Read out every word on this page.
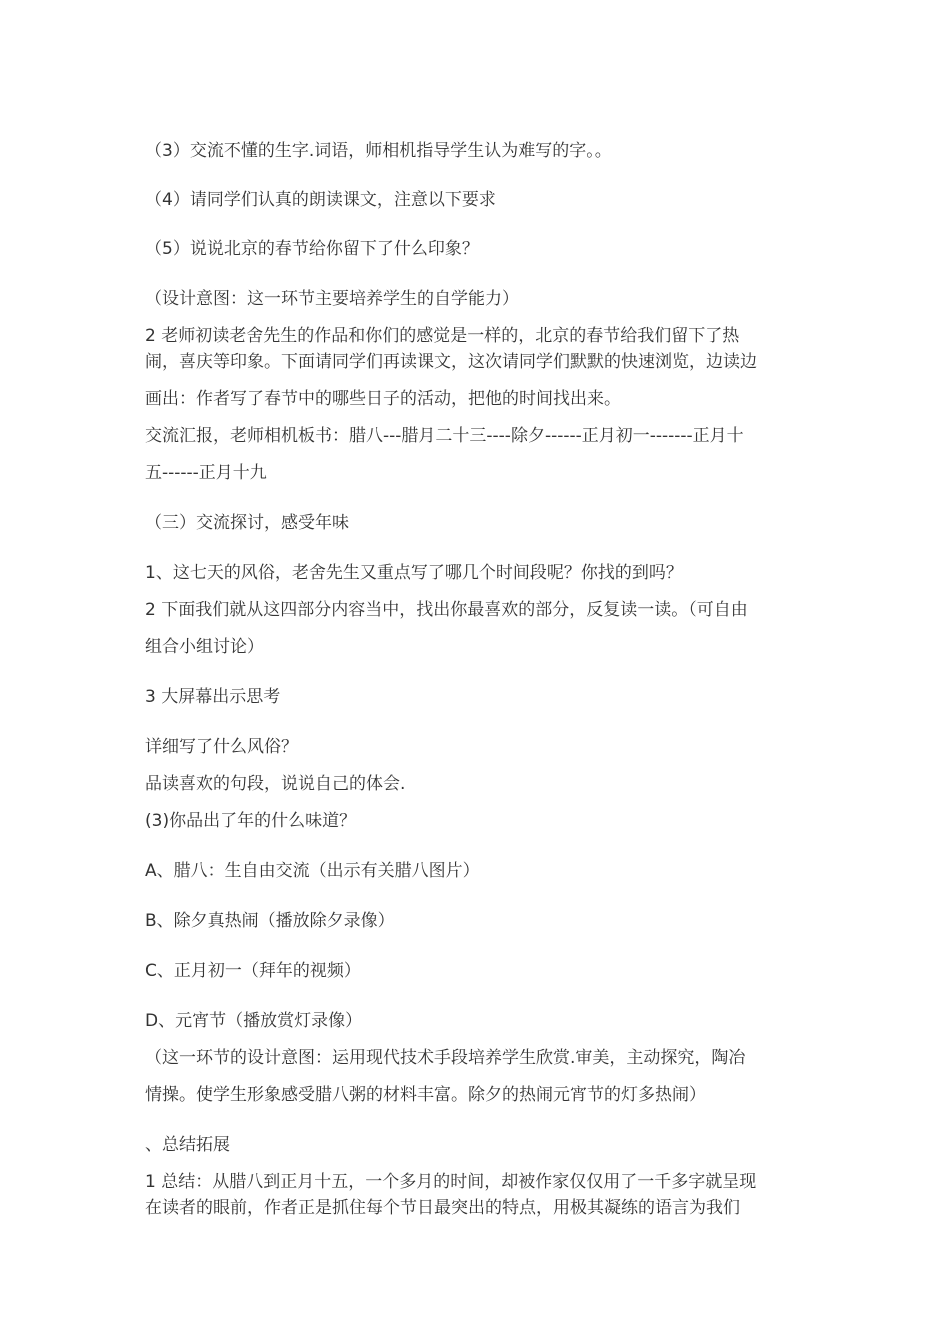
（3）交流不懂的生字.词语，师相机指导学生认为难写的字。。
（4）请同学们认真的朗读课文，注意以下要求
（5）说说北京的春节给你留下了什么印象？
（设计意图：这一环节主要培养学生的自学能力）
2 老师初读老舍先生的作品和你们的感觉是一样的，北京的春节给我们留下了热
闹，喜庆等印象。下面请同学们再读课文，这次请同学们默默的快速浏览，边读边
画出：作者写了春节中的哪些日子的活动，把他的时间找出来。
交流汇报，老师相机板书：腊八---腊月二十三----除夕------正月初一-------正月十
五------正月十九
（三）交流探讨，感受年味
1、这七天的风俗，老舍先生又重点写了哪几个时间段呢？你找的到吗？
2 下面我们就从这四部分内容当中，找出你最喜欢的部分，反复读一读。（可自由
组合小组讨论）
3 大屏幕出示思考
详细写了什么风俗？
品读喜欢的句段，说说自己的体会.
(3)你品出了年的什么味道？
A、腊八：生自由交流（出示有关腊八图片）
B、除夕真热闹（播放除夕录像）
C、正月初一（拜年的视频）
D、元宵节（播放赏灯录像）
（这一环节的设计意图：运用现代技术手段培养学生欣赏.审美，主动探究，陶冶
情操。使学生形象感受腊八粥的材料丰富。除夕的热闹元宵节的灯多热闹）
、总结拓展
1 总结：从腊八到正月十五，一个多月的时间，却被作家仅仅用了一千多字就呈现
在读者的眼前，作者正是抓住每个节日最突出的特点，用极其凝练的语言为我们
